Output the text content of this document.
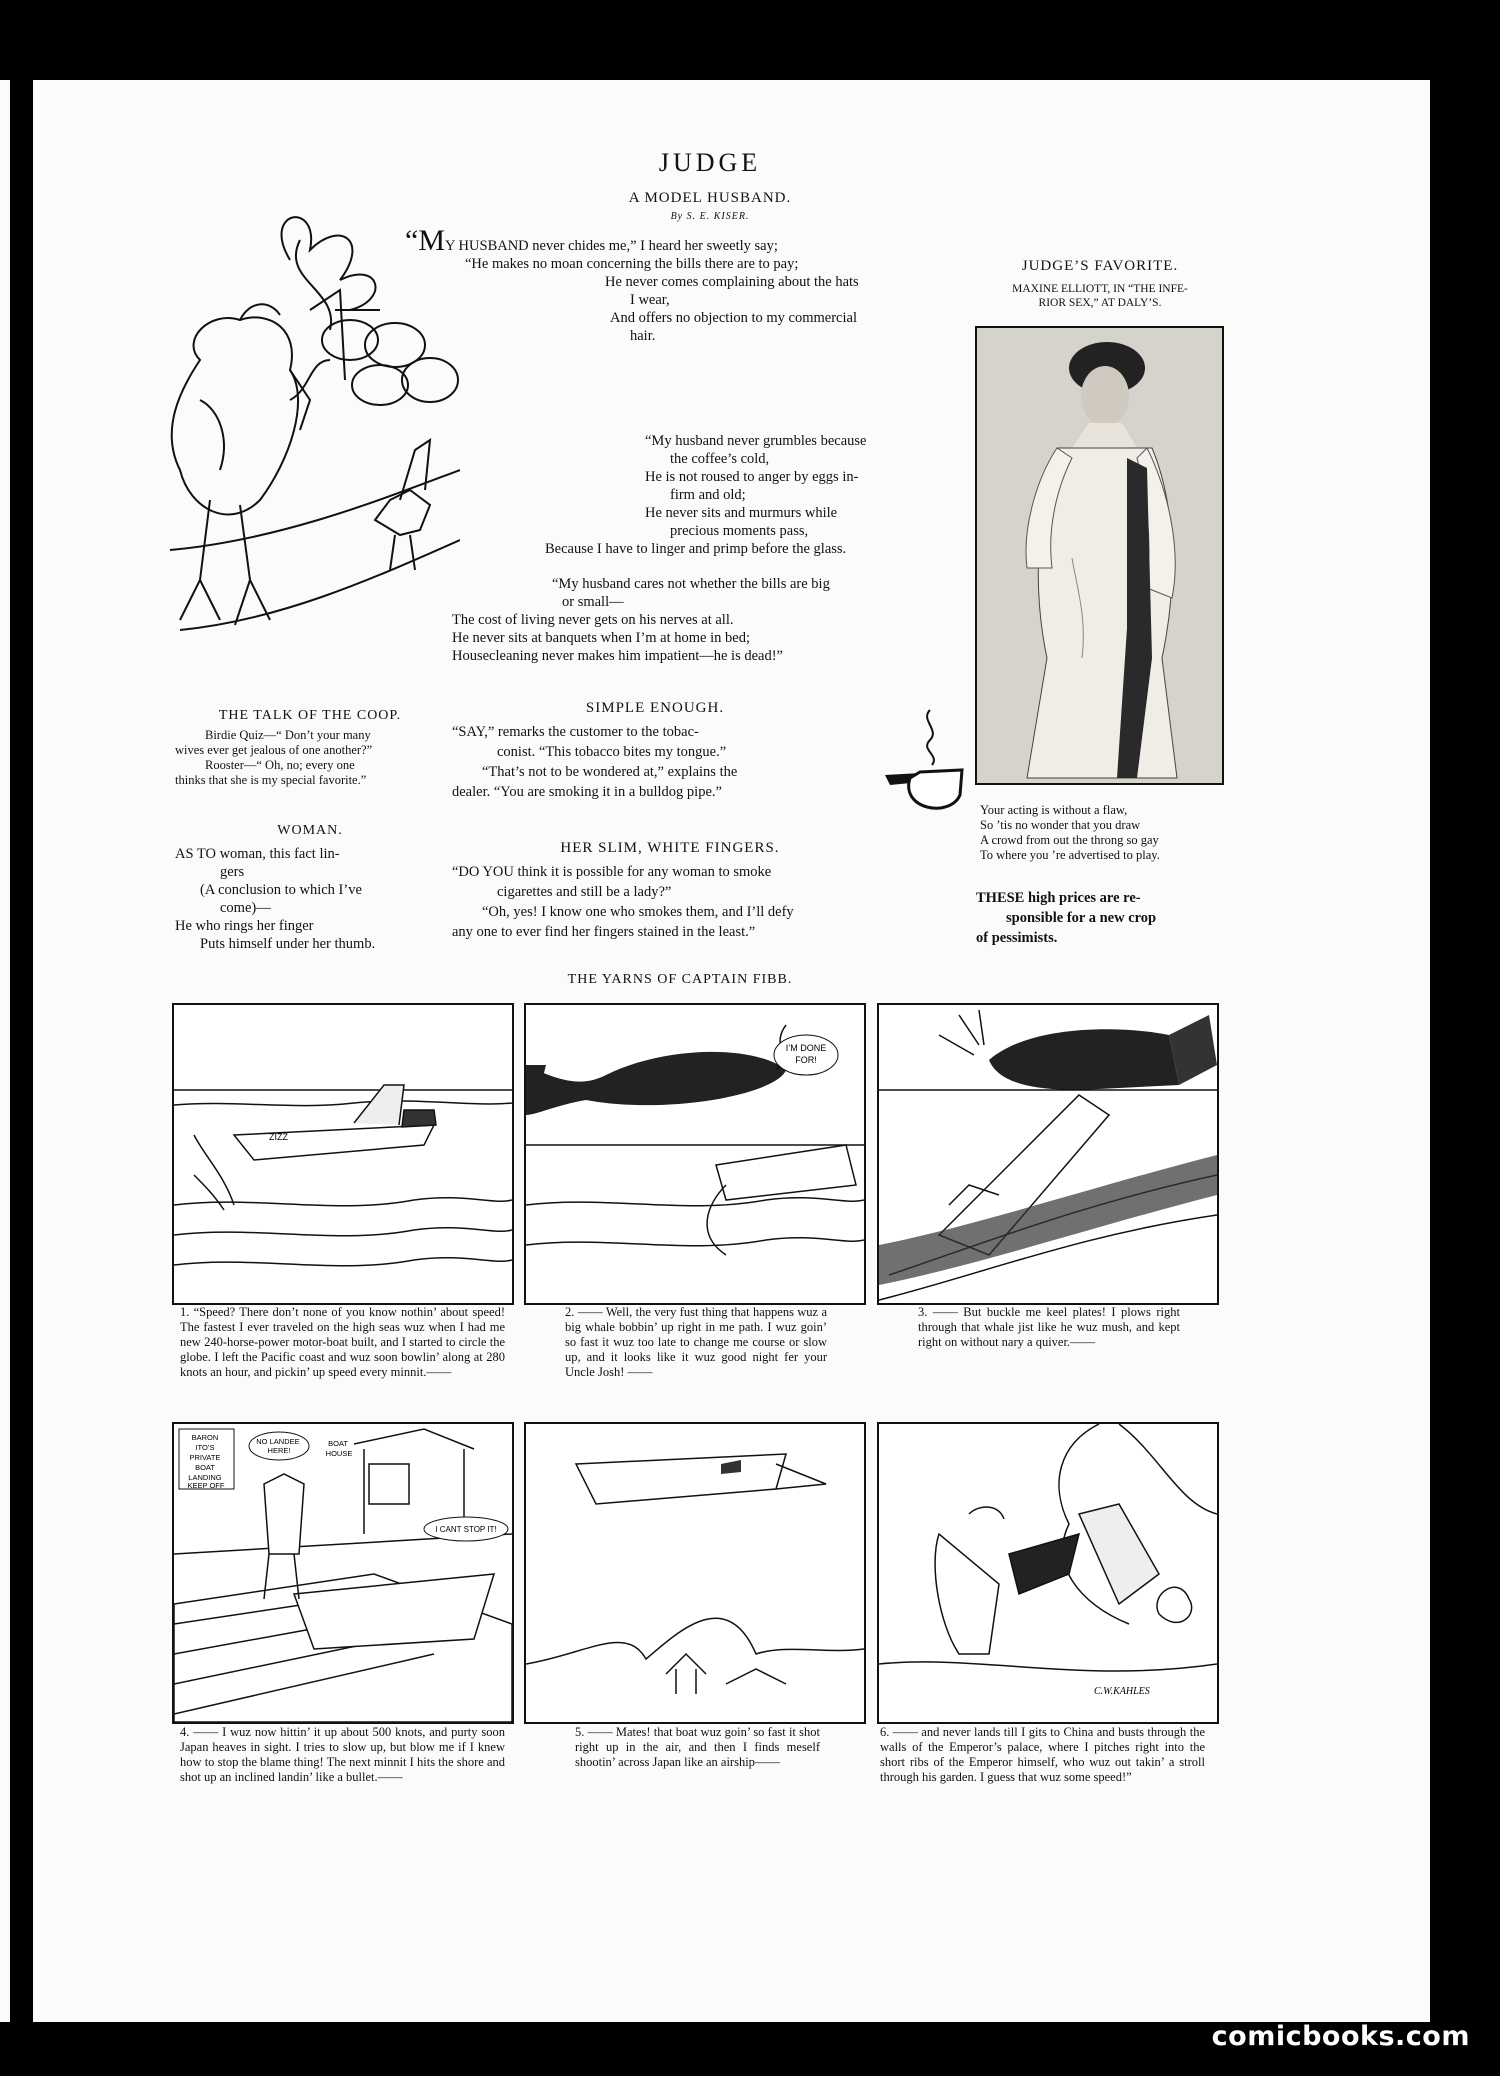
JUDGE
A MODEL HUSBAND.
By S. E. KISER.

“MY HUSBAND never chides me,” I heard her sweetly say;

“He makes no moan concerning the bills there are to pay;

He never comes complaining about the hats

I wear,

And offers no objection to my commercial

hair.

“My husband never grumbles because

the coffee’s cold,

He is not roused to anger by eggs in-

firm and old;

He never sits and murmurs while

precious moments pass,

Because I have to linger and primp before the glass.

“My husband cares not whether the bills are big

or small—

The cost of living never gets on his nerves at all.

He never sits at banquets when I’m at home in bed;

Housecleaning never makes him impatient—he is dead!”

JUDGE’S FAVORITE.
MAXINE ELLIOTT, IN “THE INFE-
RIOR SEX,” AT DALY’S.
Your acting is without a flaw,
So ’tis no wonder that you draw
A crowd from out the throng so gay
To where you ’re advertised to play.
THE TALK OF THE COOP.
Birdie Quiz—“ Don’t your many
wives ever get jealous of one another?”
Rooster—“ Oh, no; every one
thinks that she is my special favorite.”
WOMAN.
AS TO woman, this fact lin-
gers
(A conclusion to which I’ve
come)—
He who rings her finger
Puts himself under her thumb.
SIMPLE ENOUGH.
“SAY,” remarks the customer to the tobac-
conist. “This tobacco bites my tongue.”
“That’s not to be wondered at,” explains the
dealer. “You are smoking it in a bulldog pipe.”
HER SLIM, WHITE FINGERS.
“DO YOU think it is possible for any woman to smoke
cigarettes and still be a lady?”
“Oh, yes! I know one who smokes them, and I’ll defy
any one to ever find her fingers stained in the least.”
THESE high prices are re-
sponsible for a new crop
of pessimists.
THE YARNS OF CAPTAIN FIBB.
ZIZZ
I’M DONE
FOR!
1. “Speed? There don’t none of you know nothin’ about speed! The fastest I ever traveled on the high seas wuz when I had me new 240-horse-power motor-boat built, and I started to circle the globe. I left the Pacific coast and wuz soon bowlin’ along at 280 knots an hour, and pickin’ up speed every minnit.——
2. —— Well, the very fust thing that happens wuz a big whale bobbin’ up right in me path. I wuz goin’ so fast it wuz too late to change me course or slow up, and it looks like it wuz good night fer your Uncle Josh! ——
3. —— But buckle me keel plates! I plows right through that whale jist like he wuz mush, and kept right on without nary a quiver.——
BARON ITO’S PRIVATE BOAT LANDING KEEP OFF
NO LANDEE HERE!
BOAT HOUSE
I CANT STOP IT!
C.W.KAHLES
4. —— I wuz now hittin’ it up about 500 knots, and purty soon Japan heaves in sight. I tries to slow up, but blow me if I knew how to stop the blame thing! The next minnit I hits the shore and shot up an inclined landin’ like a bullet.——
5. —— Mates! that boat wuz goin’ so fast it shot right up in the air, and then I finds meself shootin’ across Japan like an airship——
6. —— and never lands till I gits to China and busts through the walls of the Emperor’s palace, where I pitches right into the short ribs of the Emperor himself, who wuz out takin’ a stroll through his garden. I guess that wuz some speed!”
comicbooks.com
